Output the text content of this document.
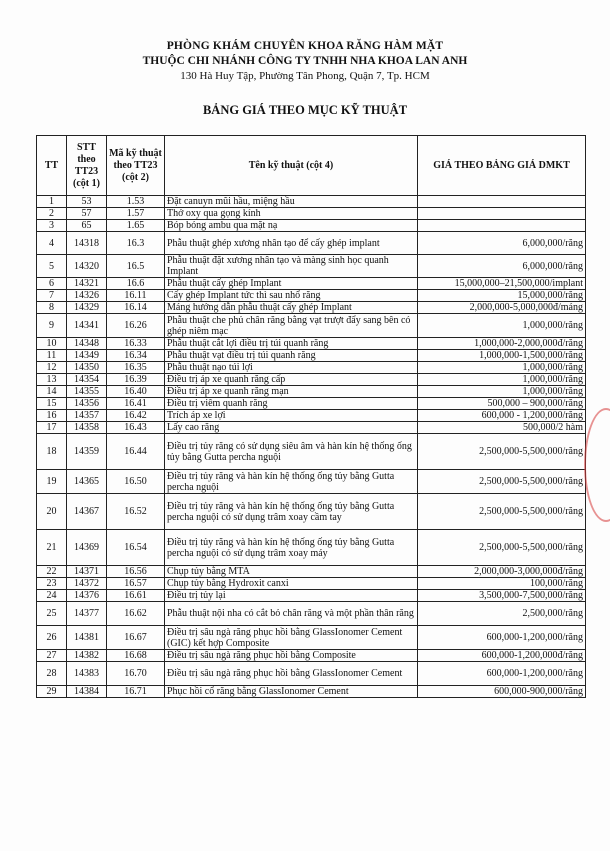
PHÒNG KHÁM CHUYÊN KHOA RĂNG HÀM MẶT
THUỘC CHI NHÁNH CÔNG TY TNHH NHA KHOA LAN ANH
130 Hà Huy Tập, Phường Tân Phong, Quận 7, Tp. HCM
BẢNG GIÁ THEO MỤC KỸ THUẬT
TT	STT theo TT23 (cột 1)	Mã kỹ thuật theo TT23 (cột 2)	Tên kỹ thuật (cột 4)	GIÁ THEO BẢNG GIÁ DMKT
1	53	1.53	Đặt canuyn mũi hầu, miệng hầu	
2	57	1.57	Thở oxy qua gọng kính	
3	65	1.65	Bóp bóng ambu qua mặt nạ	
4	14318	16.3	Phẫu thuật ghép xương nhân tạo để cấy ghép implant	6,000,000/răng
5	14320	16.5	Phẫu thuật đặt xương nhân tạo và màng sinh học quanh Implant	6,000,000/răng
6	14321	16.6	Phẫu thuật cấy ghép Implant	15,000,000–21,500,000/implant
7	14326	16.11	Cấy ghép Implant tức thì sau nhổ răng	15,000,000/răng
8	14329	16.14	Máng hướng dẫn phẫu thuật cấy ghép Implant	2,000,000-5,000,000đ/máng
9	14341	16.26	Phẫu thuật che phủ chân răng bằng vạt trượt đẩy sang bên có ghép niêm mạc	1,000,000/răng
10	14348	16.33	Phẫu thuật cắt lợi điều trị túi quanh răng	1,000,000-2,000,000đ/răng
11	14349	16.34	Phẫu thuật vạt điều trị túi quanh răng	1,000,000-1,500,000/răng
12	14350	16.35	Phẫu thuật nạo túi lợi	1,000,000/răng
13	14354	16.39	Điều trị áp xe quanh răng cấp	1,000,000/răng
14	14355	16.40	Điều trị áp xe quanh răng mạn	1,000,000/răng
15	14356	16.41	Điều trị viêm quanh răng	500,000 – 900,000/răng
16	14357	16.42	Trích áp xe lợi	600,000 - 1,200,000/răng
17	14358	16.43	Lấy cao răng	500,000/2 hàm
18	14359	16.44	Điều trị tủy răng có sử dụng siêu âm và hàn kín hệ thống ống tủy bằng Gutta percha nguội	2,500,000-5,500,000/răng
19	14365	16.50	Điều trị tủy răng và hàn kín hệ thống ống tủy bằng Gutta percha nguội	2,500,000-5,500,000/răng
20	14367	16.52	Điều trị tủy răng và hàn kín hệ thống ống tủy bằng Gutta percha nguội có sử dụng trâm xoay cầm tay	2,500,000-5,500,000/răng
21	14369	16.54	Điều trị tủy răng và hàn kín hệ thống ống tủy bằng Gutta percha nguội có sử dụng trâm xoay máy	2,500,000-5,500,000/răng
22	14371	16.56	Chụp tủy bằng MTA	2,000,000-3,000,000đ/răng
23	14372	16.57	Chụp tủy bằng Hydroxit canxi	100,000/răng
24	14376	16.61	Điều trị tủy lại	3,500,000-7,500,000/răng
25	14377	16.62	Phẫu thuật nội nha có cắt bỏ chân răng và một phần thân răng	2,500,000/răng
26	14381	16.67	Điều trị sâu ngà răng phục hồi bằng GlassIonomer Cement (GIC) kết hợp Composite	600,000-1,200,000/răng
27	14382	16.68	Điều trị sâu ngà răng phục hồi bằng Composite	600,000-1,200,000đ/răng
28	14383	16.70	Điều trị sâu ngà răng phục hồi bằng GlassIonomer Cement	600,000-1,200,000/răng
29	14384	16.71	Phục hồi cổ răng bằng GlassIonomer Cement	600,000-900,000/răng
